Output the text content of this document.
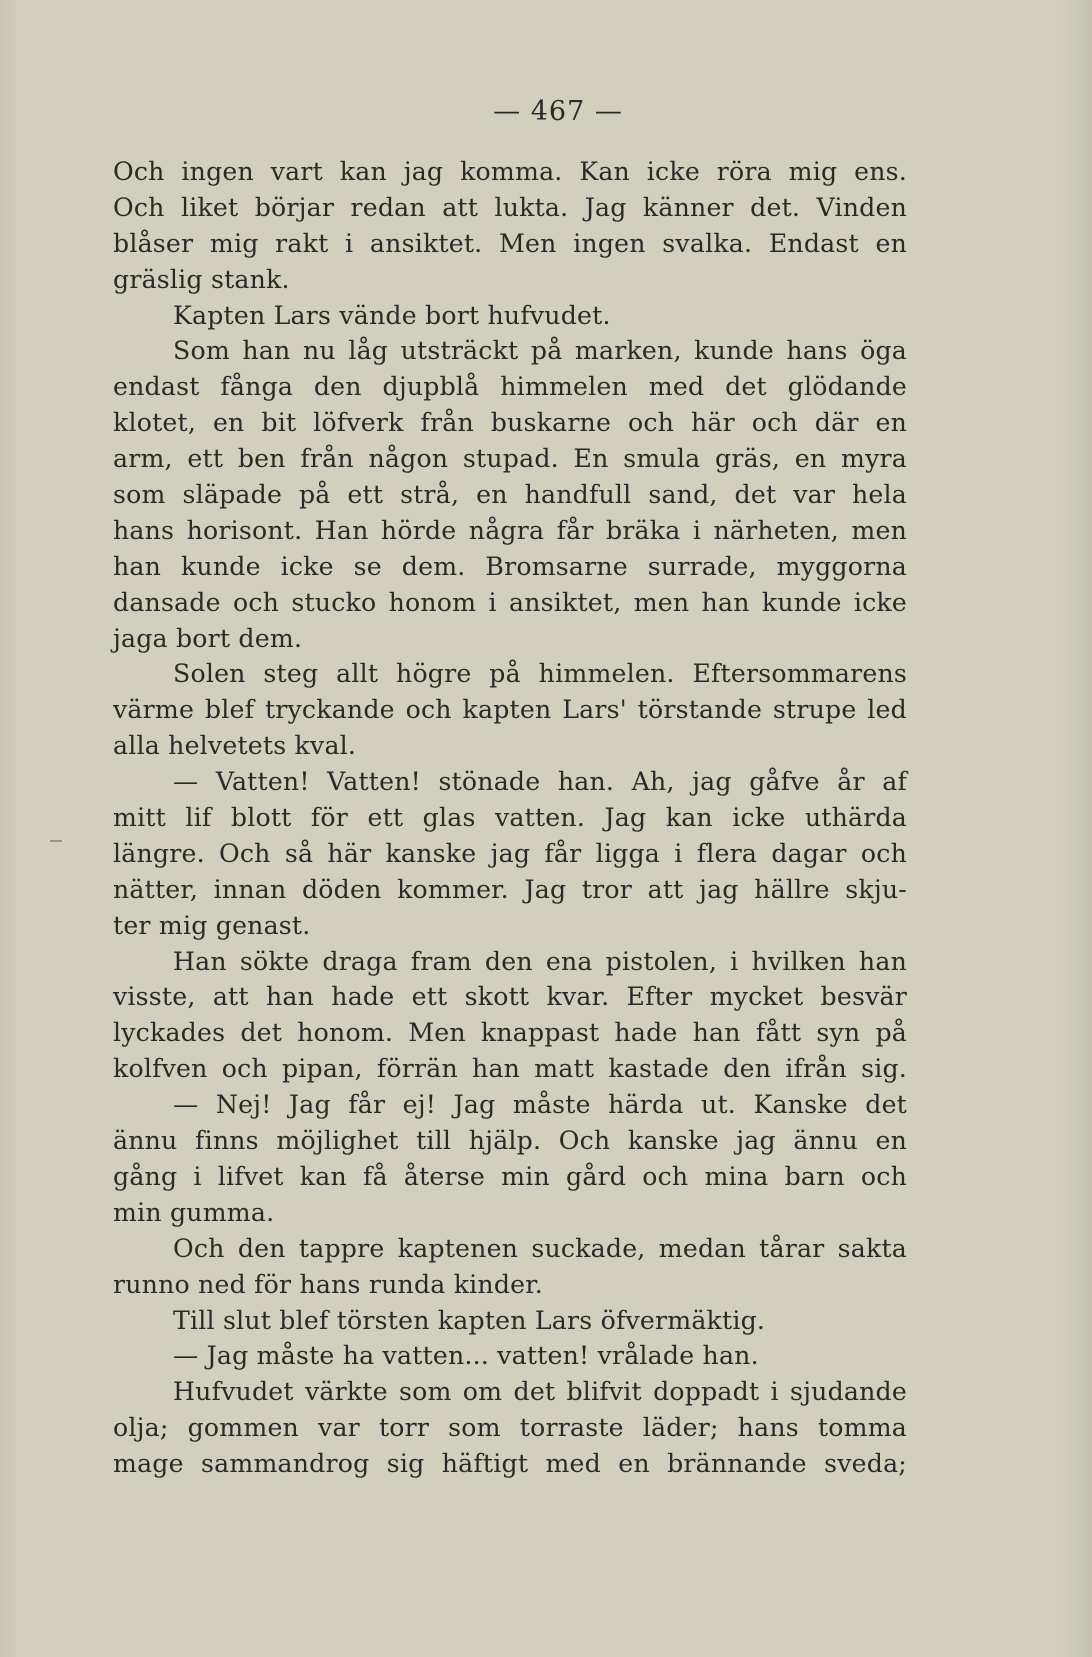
— 467 —
Och ingen vart kan jag komma. Kan icke röra mig ens.
Och liket börjar redan att lukta. Jag känner det. Vinden
blåser mig rakt i ansiktet. Men ingen svalka. Endast en
gräslig stank.
Kapten Lars vände bort hufvudet.
Som han nu låg utsträckt på marken, kunde hans öga
endast fånga den djupblå himmelen med det glödande
klotet, en bit löfverk från buskarne och här och där en
arm, ett ben från någon stupad. En smula gräs, en myra
som släpade på ett strå, en handfull sand, det var hela
hans horisont. Han hörde några får bräka i närheten, men
han kunde icke se dem. Bromsarne surrade, myggorna
dansade och stucko honom i ansiktet, men han kunde icke
jaga bort dem.
Solen steg allt högre på himmelen. Eftersommarens
värme blef tryckande och kapten Lars' törstande strupe led
alla helvetets kval.
— Vatten! Vatten! stönade han. Ah, jag gåfve år af
mitt lif blott för ett glas vatten. Jag kan icke uthärda
längre. Och så här kanske jag får ligga i flera dagar och
nätter, innan döden kommer. Jag tror att jag hällre skju-
ter mig genast.
Han sökte draga fram den ena pistolen, i hvilken han
visste, att han hade ett skott kvar. Efter mycket besvär
lyckades det honom. Men knappast hade han fått syn på
kolfven och pipan, förrän han matt kastade den ifrån sig.
— Nej! Jag får ej! Jag måste härda ut. Kanske det
ännu finns möjlighet till hjälp. Och kanske jag ännu en
gång i lifvet kan få återse min gård och mina barn och
min gumma.
Och den tappre kaptenen suckade, medan tårar sakta
runno ned för hans runda kinder.
Till slut blef törsten kapten Lars öfvermäktig.
— Jag måste ha vatten... vatten! vrålade han.
Hufvudet värkte som om det blifvit doppadt i sjudande
olja; gommen var torr som torraste läder; hans tomma
mage sammandrog sig häftigt med en brännande sveda;
